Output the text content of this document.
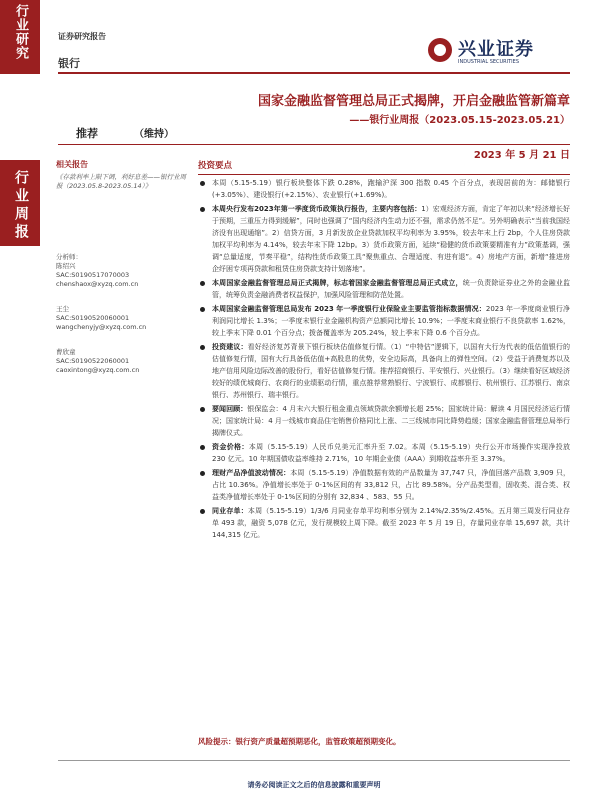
行业研究
行业周报
证券研究报告
兴业证券
INDUSTRIAL SECURITIES
银行
国家金融监督管理总局正式揭牌，开启金融监管新篇章
——银行业周报（2023.05.15-2023.05.21）
推荐	（维持）
2023 年 5 月 21 日
相关报告
《存款利率上限下调，利好息差——银行业周报（2023.05.8-2023.05.14）》
分析师：
陈绍兴
SAC:S0190517070003
chenshaox@xyzq.com.cn
王尘
SAC:S0190520060001
wangchenyjy@xyzq.com.cn
曹欣童
SAC:S0190522060001
caoxintong@xyzq.com.cn
投资要点
本周（5.15-5.19）银行板块整体下跌 0.28%，跑输沪深 300 指数 0.45 个百分点，表现居前的为：邮储银行(+3.05%）、建设银行(+2.15%）、农业银行(+1.69%)。
本周央行发布2023年第一季度货币政策执行报告，主要内容包括：1）宏观经济方面，肯定了年初以来“经济增长好于预期，三重压力得到缓解”，同时也强调了“国内经济内生动力还不强，需求仍然不足”。另外明确表示“当前我国经济没有出现通缩”。2）信贷方面，3 月新发放企业贷款加权平均利率为 3.95%，较去年末上行 2bp，个人住房贷款加权平均利率为 4.14%，较去年末下降 12bp。3）货币政策方面，延续“稳健的货币政策要精准有力”政策基调，强调“总量适度，节奏平稳”，结构性货币政策工具“聚焦重点、合理适度、有进有退”。4）房地产方面，新增“推进房企纾困专项再贷款和租赁住房贷款支持计划落地”。
本周国家金融监督管理总局正式揭牌，标志着国家金融监督管理总局正式成立，统一负责除证券业之外的金融业监管，统筹负责金融消费者权益保护，加强风险管理和防范处置。
本周国家金融监督管理总局发布 2023 年一季度银行业保险业主要监管指标数据情况：2023 年一季度商业银行净利润同比增长 1.3%；一季度末银行业金融机构资产总额同比增长 10.9%；一季度末商业银行不良贷款率 1.62%，较上季末下降 0.01 个百分点；拨备覆盖率为 205.24%，较上季末下降 0.6 个百分点。
投资建议：看好经济复苏背景下银行板块估值修复行情。（1）“中特估”逻辑下，以国有大行为代表的低估值银行的估值修复行情，国有大行具备低估值+高股息的优势，安全边际高，具备向上的弹性空间。（2）受益于消费复苏以及地产信用风险边际改善的股份行，看好估值修复行情。推荐招商银行、平安银行、兴业银行。（3）继续看好区域经济较好的绩优城商行、农商行的业绩驱动行情，重点推荐常熟银行、宁波银行、成都银行、杭州银行、江苏银行、南京银行、苏州银行、瑞丰银行。
要闻回顾：银保监会：4 月末六大银行租金重点领域贷款余额增长超 25%；国家统计局：解读 4 月国民经济运行情况；国家统计局：4 月一线城市商品住宅销售价格同比上涨、二三线城市同比降势趋缓；国家金融监督管理总局举行揭牌仪式。
资金价格：本周（5.15-5.19）人民币兑美元汇率升至 7.02。本周（5.15-5.19）央行公开市场操作实现净投放 230 亿元。10 年期国债收益率维持 2.71%，10 年期企业债（AAA）到期收益率升至 3.37%。
理财产品净值波动情况：本周（5.15-5.19）净值数据有效的产品数量为 37,747 只，净值回落产品数 3,909 只，占比 10.36%。净值增长率处于 0-1%区间的有 33,812 只，占比 89.58%。分产品类型看，固收类、混合类、权益类净值增长率处于 0-1%区间的分别有 32,834 、583、55 只。
同业存单：本周（5.15-5.19）1/3/6 月同业存单平均利率分别为 2.14%/2.35%/2.45%。五月第三周发行同业存单 493 款，融资 5,078 亿元，发行规模较上周下降。截至 2023 年 5 月 19 日，存量同业存单 15,697 款，共计 144,315 亿元。
风险提示：银行资产质量超预期恶化，监管政策超预期变化。
请务必阅读正文之后的信息披露和重要声明
